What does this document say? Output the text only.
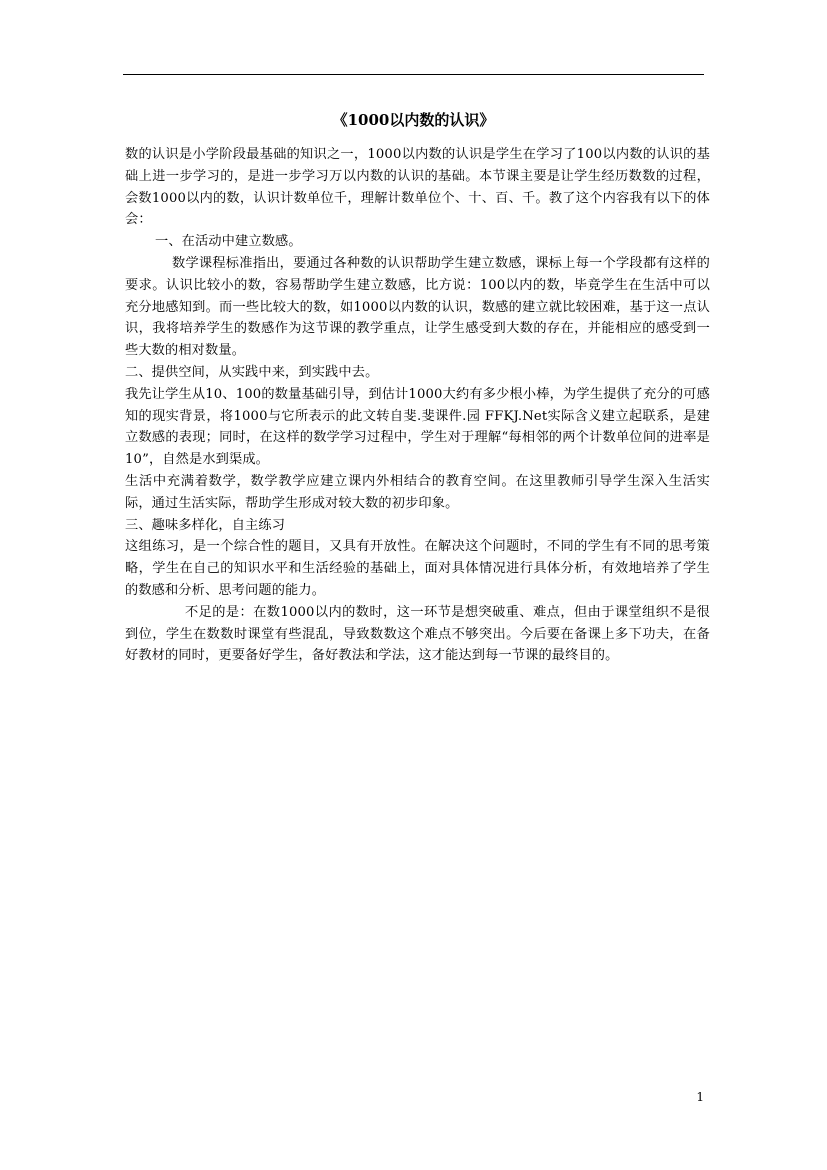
《1000以内数的认识》

数的认识是小学阶段最基础的知识之一，1000以内数的认识是学生在学习了100以内数的认识的基础上进一步学习的，是进一步学习万以内数的认识的基础。本节课主要是让学生经历数数的过程，会数1000以内的数，认识计数单位千，理解计数单位个、十、百、千。教了这个内容我有以下的体会：

一、在活动中建立数感。

数学课程标准指出，要通过各种数的认识帮助学生建立数感，课标上每一个学段都有这样的要求。认识比较小的数，容易帮助学生建立数感，比方说：100以内的数，毕竟学生在生活中可以充分地感知到。而一些比较大的数，如1000以内数的认识，数感的建立就比较困难，基于这一点认识，我将培养学生的数感作为这节课的教学重点，让学生感受到大数的存在，并能相应的感受到一些大数的相对数量。

二、提供空间，从实践中来，到实践中去。

我先让学生从10、100的数量基础引导，到估计1000大约有多少根小棒，为学生提供了充分的可感知的现实背景，将1000与它所表示的此文转自斐.斐课件.园 FFKJ.Net实际含义建立起联系，是建立数感的表现；同时，在这样的数学学习过程中，学生对于理解“每相邻的两个计数单位间的进率是10”，自然是水到渠成。

生活中充满着数学，数学教学应建立课内外相结合的教育空间。在这里教师引导学生深入生活实际，通过生活实际，帮助学生形成对较大数的初步印象。

三、趣味多样化，自主练习

这组练习，是一个综合性的题目，又具有开放性。在解决这个问题时，不同的学生有不同的思考策略，学生在自己的知识水平和生活经验的基础上，面对具体情况进行具体分析，有效地培养了学生的数感和分析、思考问题的能力。

不足的是：在数1000以内的数时，这一环节是想突破重、难点，但由于课堂组织不是很到位，学生在数数时课堂有些混乱，导致数数这个难点不够突出。今后要在备课上多下功夫，在备好教材的同时，更要备好学生，备好教法和学法，这才能达到每一节课的最终目的。

1
